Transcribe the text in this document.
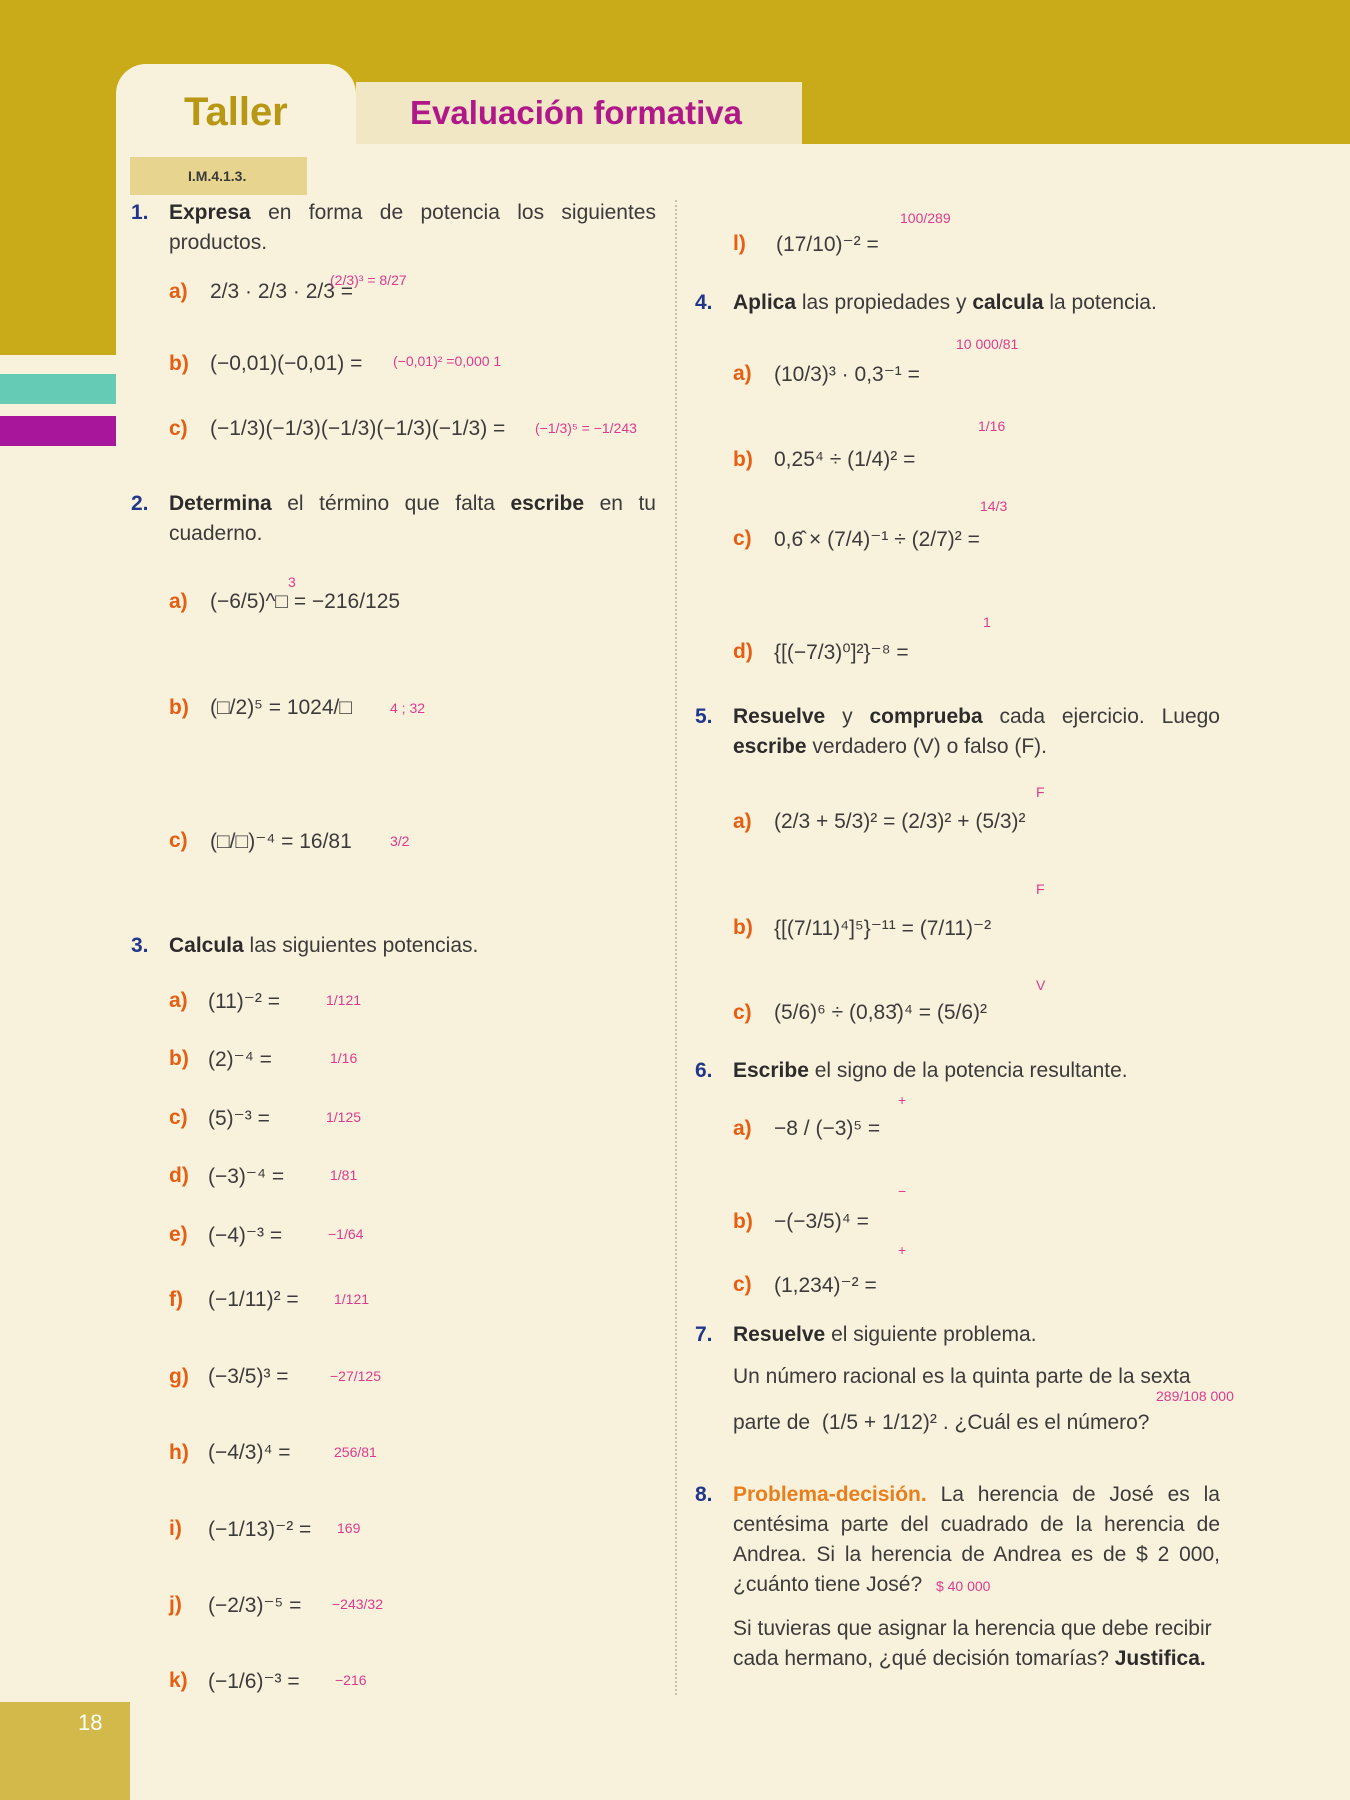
18
Taller	Evaluación formativa
I.M.4.1.3.
1. Expresa en forma de potencia los siguientes productos.
a) 2/3 · 2/3 · 2/3 =
(2/3)³ = 8/27
b) (−0,01)(−0,01) = (−0,01)² =0,000 1
c) (−1/3)(−1/3)(−1/3)(−1/3)(−1/3) = (−1/3)⁵ = −1/243
2. Determina el término que falta escribe en tu cuaderno.
a) (−6/5)^□ = −216/125
3
b) (□/2)⁵ = 1024/□	4 ; 32
c) (□/□)⁻⁴ = 16/81	3/2
3. Calcula las siguientes potencias.
a) (11)⁻² =	1/121
b) (2)⁻⁴ =	1/16
c) (5)⁻³ =	1/125
d) (−3)⁻⁴ =	1/81
e) (−4)⁻³ =	−1/64
f) (−1/11)² =	1/121
g) (−3/5)³ =	−27/125
h) (−4/3)⁴ =	256/81
i) (−1/13)⁻² = 169
j) (−2/3)⁻⁵ = −243/32
k) (−1/6)⁻³ =	−216
l) (17/10)⁻² =
100/289
4. Aplica las propiedades y calcula la potencia.
a) (10/3)³ · 0,3⁻¹ =
10 000/81
b) 0,25⁴ ÷ (1/4)² =
1/16
c) 0,6̂ × (7/4)⁻¹ ÷ (2/7)² =
14/3
d) {[(−7/3)⁰]²}⁻⁸ =
1
5. Resuelve y comprueba cada ejercicio. Luego escribe verdadero (V) o falso (F).
a) (2/3 + 5/3)² = (2/3)² + (5/3)²
F
b) {[(7/11)⁴]⁵}⁻¹¹ = (7/11)⁻²
F
c) (5/6)⁶ ÷ (0,83̂)⁴ = (5/6)²
V
6. Escribe el signo de la potencia resultante.
a) −8 / (−3)⁵ =
+
b) −(−3/5)⁴ =
−
c) (1,234)⁻² =
+
7. Resuelve el siguiente problema.
Un número racional es la quinta parte de la sexta
parte de (1/5 + 1/12)² . ¿Cuál es el número?
289/108 000
8. Problema-decisión. La herencia de José es la centésima parte del cuadrado de la herencia de Andrea. Si la herencia de Andrea es de $ 2 000, ¿cuánto tiene José? $ 40 000
Si tuvieras que asignar la herencia que debe recibir cada hermano, ¿qué decisión tomarías? Justifica.
